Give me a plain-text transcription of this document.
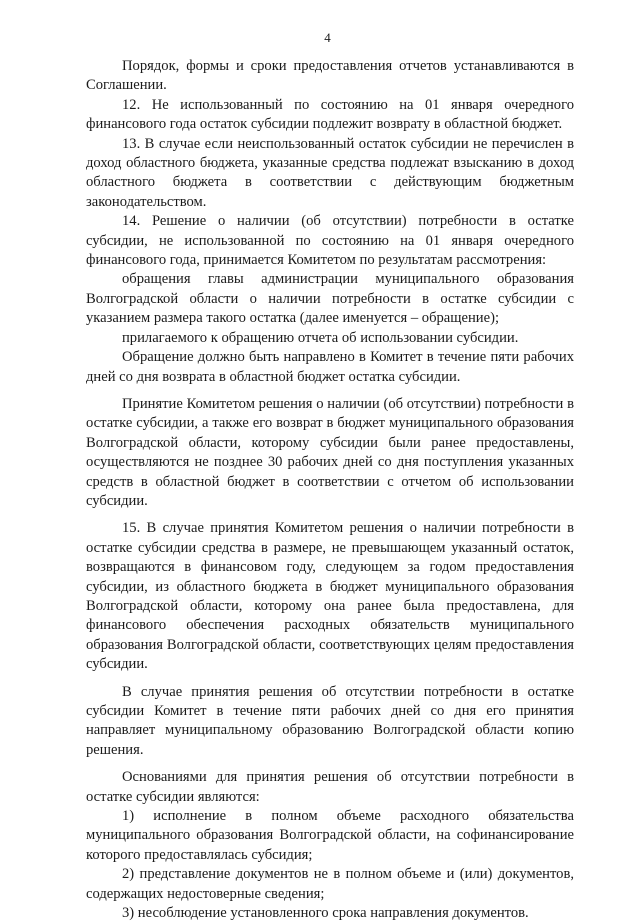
4

Порядок, формы и сроки предоставления отчетов устанавливаются в Соглашении.

12. Не использованный по состоянию на 01 января очередного финансового года остаток субсидии подлежит возврату в областной бюджет.

13. В случае если неиспользованный остаток субсидии не перечислен в доход областного бюджета, указанные средства подлежат взысканию в доход областного бюджета в соответствии с действующим бюджетным законодательством.

14. Решение о наличии (об отсутствии) потребности в остатке субсидии, не использованной по состоянию на 01 января очередного финансового года, принимается Комитетом по результатам рассмотрения:

обращения главы администрации муниципального образования Волгоградской области о наличии потребности в остатке субсидии с указанием размера такого остатка (далее именуется – обращение);

прилагаемого к обращению отчета об использовании субсидии.

Обращение должно быть направлено в Комитет в течение пяти рабочих дней со дня возврата в областной бюджет остатка субсидии.

Принятие Комитетом решения о наличии (об отсутствии) потребности в остатке субсидии, а также его возврат в бюджет муниципального образования Волгоградской области, которому субсидии были ранее предоставлены, осуществляются не позднее 30 рабочих дней со дня поступления указанных средств в областной бюджет в соответствии с отчетом об использовании субсидии.

15. В случае принятия Комитетом решения о наличии потребности в остатке субсидии средства в размере, не превышающем указанный остаток, возвращаются в финансовом году, следующем за годом предоставления субсидии, из областного бюджета в бюджет муниципального образования Волгоградской области, которому она ранее была предоставлена, для финансового обеспечения расходных обязательств муниципального образования Волгоградской области, соответствующих целям предоставления субсидии.

В случае принятия решения об отсутствии потребности в остатке субсидии Комитет в течение пяти рабочих дней со дня его принятия направляет муниципальному образованию Волгоградской области копию решения.

Основаниями для принятия решения об отсутствии потребности в остатке субсидии являются:

1) исполнение в полном объеме расходного обязательства муниципального образования Волгоградской области, на софинансирование которого предоставлялась субсидия;

2) представление документов не в полном объеме и (или) документов, содержащих недостоверные сведения;

3) несоблюдение установленного срока направления документов.
